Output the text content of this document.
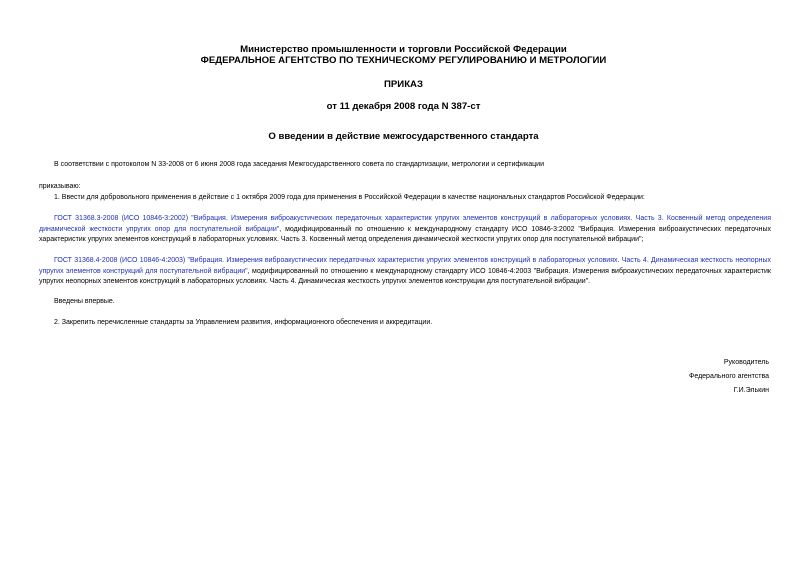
Министерство промышленности и торговли Российской Федерации
ФЕДЕРАЛЬНОЕ АГЕНТСТВО ПО ТЕХНИЧЕСКОМУ РЕГУЛИРОВАНИЮ И МЕТРОЛОГИИ
ПРИКАЗ
от 11 декабря 2008 года N 387-ст
О введении в действие межгосударственного стандарта
В соответствии с протоколом N 33-2008 от 6 июня 2008 года заседания Межгосударственного совета по стандартизации, метрологии и сертификации
приказываю:
1. Ввести для добровольного применения в действие с 1 октября 2009 года для применения в Российской Федерации в качестве национальных стандартов Российской Федерации:
ГОСТ 31368.3-2008 (ИСО 10846-3:2002) "Вибрация. Измерения виброакустических передаточных характеристик упругих элементов конструкций в лабораторных условиях. Часть 3. Косвенный метод определения динамической жесткости упругих опор для поступательной вибрации", модифицированный по отношению к международному стандарту ИСО 10846-3:2002 "Вибрация. Измерения виброакустических передаточных характеристик упругих элементов конструкций в лабораторных условиях. Часть 3. Косвенный метод определения динамической жесткости упругих опор для поступательной вибрации";
ГОСТ 31368.4-2008 (ИСО 10846-4:2003) "Вибрация. Измерения виброакустических передаточных характеристик упругих элементов конструкций в лабораторных условиях. Часть 4. Динамическая жесткость неопорных упругих элементов конструкций для поступательной вибрации", модифицированный по отношению к международному стандарту ИСО 10846-4:2003 "Вибрация. Измерения виброакустических передаточных характеристик упругих неопорных элементов конструкций в лабораторных условиях. Часть 4. Динамическая жесткость упругих элементов конструкции для поступательной вибрации".
Введены впервые.
2. Закрепить перечисленные стандарты за Управлением развития, информационного обеспечения и аккредитации.
Руководитель
Федерального агентства
Г.И.Элькин
